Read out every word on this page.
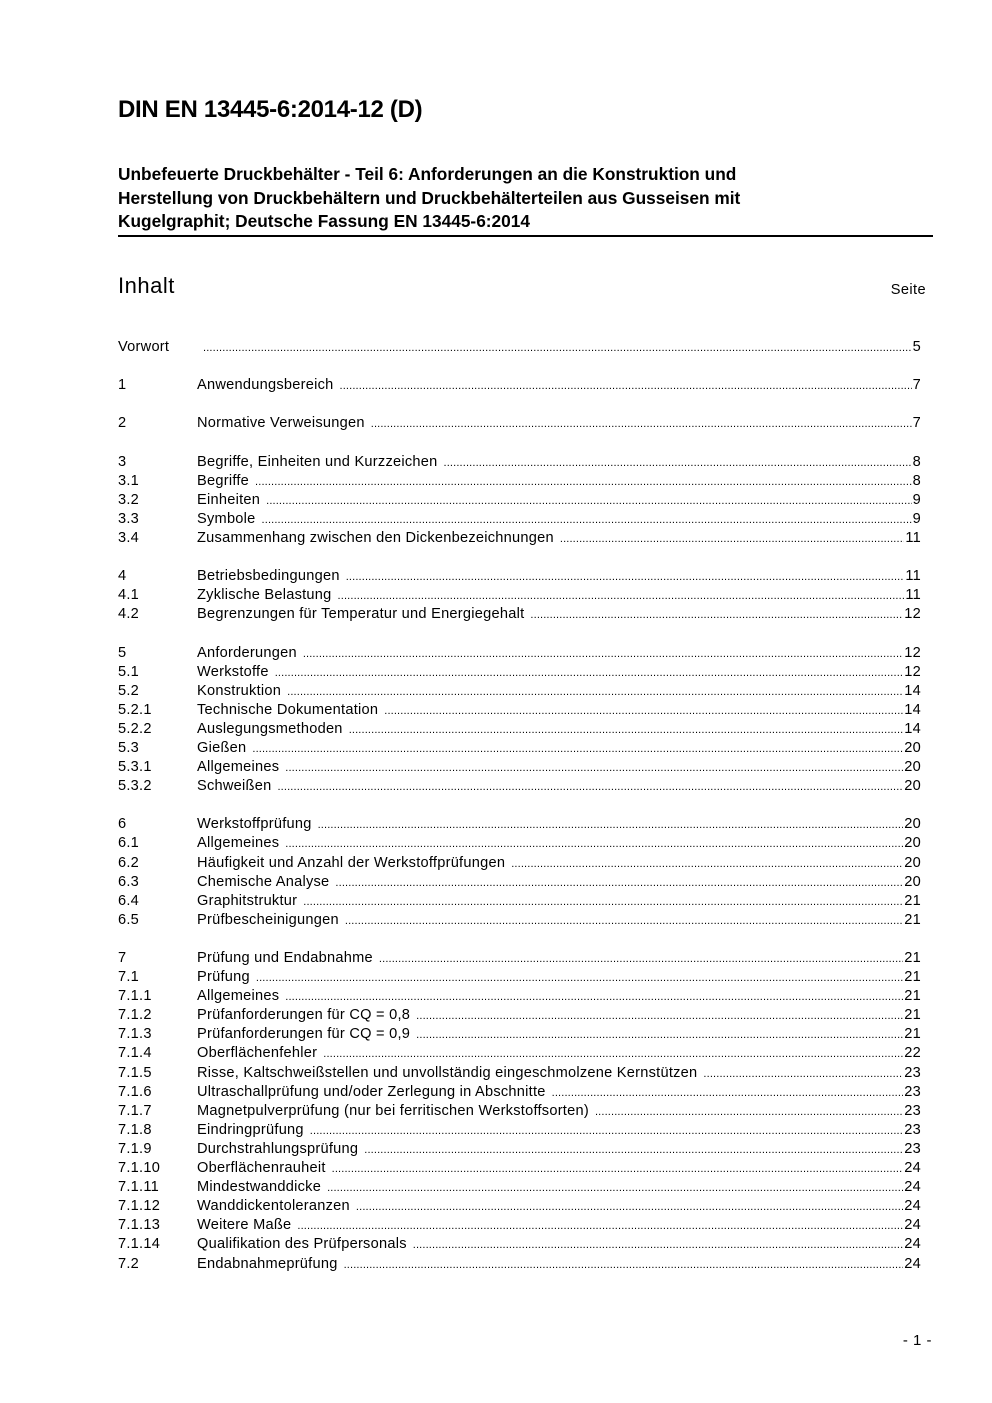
DIN EN 13445-6:2014-12 (D)
Unbefeuerte Druckbehälter - Teil 6: Anforderungen an die Konstruktion und
Herstellung von Druckbehältern und Druckbehälterteilen aus Gusseisen mit
Kugelgraphit; Deutsche Fassung EN 13445-6:2014
Inhalt	Seite
Vorwort .....	5
1	Anwendungsbereich .....	7
2	Normative Verweisungen .....	7
3	Begriffe, Einheiten und Kurzzeichen .....	8
3.1	Begriffe .....	8
3.2	Einheiten .....	9
3.3	Symbole .....	9
3.4	Zusammenhang zwischen den Dickenbezeichnungen .....	11
4	Betriebsbedingungen .....	11
4.1	Zyklische Belastung .....	11
4.2	Begrenzungen für Temperatur und Energiegehalt .....	12
5	Anforderungen .....	12
5.1	Werkstoffe .....	12
5.2	Konstruktion .....	14
5.2.1	Technische Dokumentation .....	14
5.2.2	Auslegungsmethoden .....	14
5.3	Gießen .....	20
5.3.1	Allgemeines .....	20
5.3.2	Schweißen .....	20
6	Werkstoffprüfung .....	20
6.1	Allgemeines .....	20
6.2	Häufigkeit und Anzahl der Werkstoffprüfungen .....	20
6.3	Chemische Analyse .....	20
6.4	Graphitstruktur .....	21
6.5	Prüfbescheinigungen .....	21
7	Prüfung und Endabnahme .....	21
7.1	Prüfung .....	21
7.1.1	Allgemeines .....	21
7.1.2	Prüfanforderungen für CQ = 0,8 .....	21
7.1.3	Prüfanforderungen für CQ = 0,9 .....	21
7.1.4	Oberflächenfehler .....	22
7.1.5	Risse, Kaltschweißstellen und unvollständig eingeschmolzene Kernstützen .....	23
7.1.6	Ultraschallprüfung und/oder Zerlegung in Abschnitte .....	23
7.1.7	Magnetpulverprüfung (nur bei ferritischen Werkstoffsorten) .....	23
7.1.8	Eindringprüfung .....	23
7.1.9	Durchstrahlungsprüfung .....	23
7.1.10	Oberflächenrauheit .....	24
7.1.11	Mindestwanddicke .....	24
7.1.12	Wanddickentoleranzen .....	24
7.1.13	Weitere Maße .....	24
7.1.14	Qualifikation des Prüfpersonals .....	24
7.2	Endabnahmeprüfung .....	24
- 1 -
